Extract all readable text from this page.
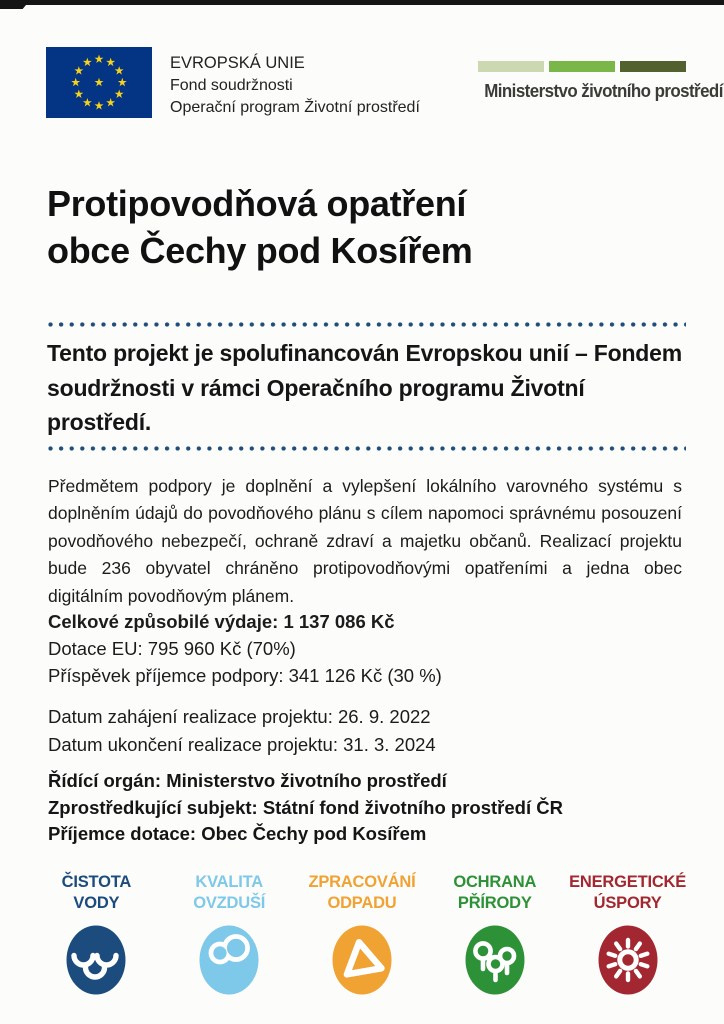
EVROPSKÁ UNIE
Fond soudržnosti
Operační program Životní prostředí
Ministerstvo životního prostředí
Protipovodňová opatření
obce Čechy pod Kosířem
Tento projekt je spolufinancován Evropskou unií – Fondem soudržnosti v rámci Operačního programu Životní prostředí.
Předmětem podpory je doplnění a vylepšení lokálního varovného systému s doplněním údajů do povodňového plánu s cílem napomoci správnému posouzení povodňového nebezpečí, ochraně zdraví a majetku občanů. Realizací projektu bude 236 obyvatel chráněno protipovodňovými opatřeními a jedna obec digitálním povodňovým plánem.
Celkové způsobilé výdaje: 1 137 086 Kč
Dotace EU: 795 960 Kč (70%)
Příspěvek příjemce podpory: 341 126 Kč (30 %)
Datum zahájení realizace projektu: 26. 9. 2022
Datum ukončení realizace projektu: 31. 3. 2024
Řídící orgán: Ministerstvo životního prostředí
Zprostředkující subjekt: Státní fond životního prostředí ČR
Příjemce dotace: Obec Čechy pod Kosířem
ČISTOTA
VODY
KVALITA
OVZDUŠÍ
ZPRACOVÁNÍ
ODPADU
OCHRANA
PŘÍRODY
ENERGETICKÉ
ÚSPORY
